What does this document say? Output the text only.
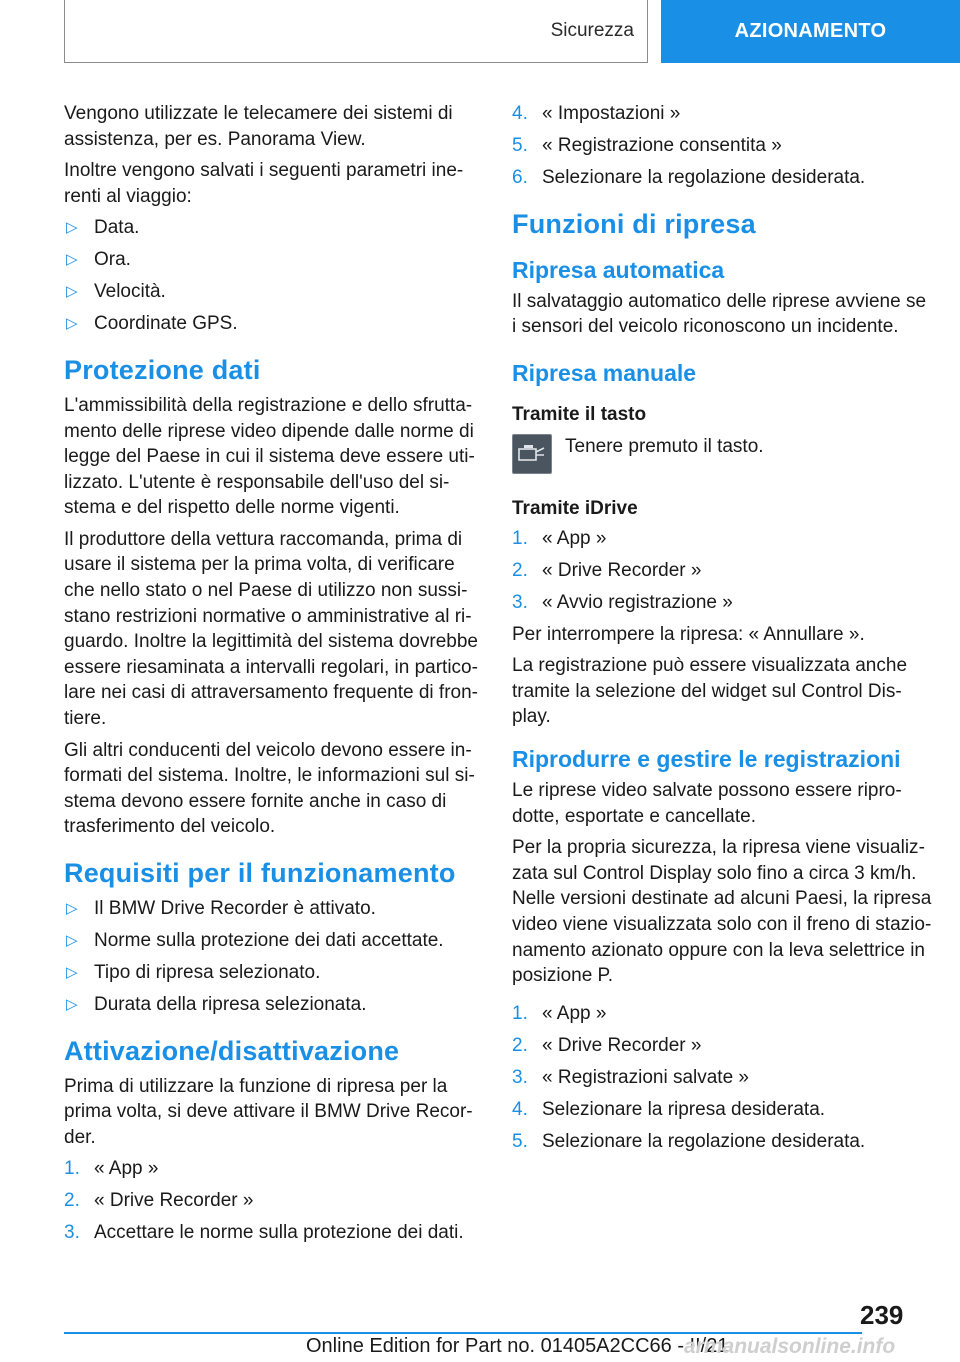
Sicurezza	AZIONAMENTO

Vengono utilizzate le telecamere dei sistemi di assistenza, per es. Panorama View.

Inoltre vengono salvati i seguenti parametri inerenti al viaggio:

▷ Data.
▷ Ora.
▷ Velocità.
▷ Coordinate GPS.
Protezione dati

L'ammissibilità della registrazione e dello sfruttamento delle riprese video dipende dalle norme di legge del Paese in cui il sistema deve essere utilizzato. L'utente è responsabile dell'uso del sistema e del rispetto delle norme vigenti.

Il produttore della vettura raccomanda, prima di usare il sistema per la prima volta, di verificare che nello stato o nel Paese di utilizzo non sussistano restrizioni normative o amministrative al riguardo. Inoltre la legittimità del sistema dovrebbe essere riesaminata a intervalli regolari, in particolare nei casi di attraversamento frequente di frontiere.

Gli altri conducenti del veicolo devono essere informati del sistema. Inoltre, le informazioni sul sistema devono essere fornite anche in caso di trasferimento del veicolo.

Requisiti per il funzionamento
▷ Il BMW Drive Recorder è attivato.
▷ Norme sulla protezione dei dati accettate.
▷ Tipo di ripresa selezionato.
▷ Durata della ripresa selezionata.
Attivazione/disattivazione

Prima di utilizzare la funzione di ripresa per la prima volta, si deve attivare il BMW Drive Recorder.

1. « App »
2. « Drive Recorder »
3. Accettare le norme sulla protezione dei dati.
4. « Impostazioni »
5. « Registrazione consentita »
6. Selezionare la regolazione desiderata.
Funzioni di ripresa
Ripresa automatica

Il salvataggio automatico delle riprese avviene se i sensori del veicolo riconoscono un incidente.

Ripresa manuale
Tramite il tasto
Tenere premuto il tasto.
Tramite iDrive
1. « App »
2. « Drive Recorder »
3. « Avvio registrazione »

Per interrompere la ripresa: « Annullare ».

La registrazione può essere visualizzata anche tramite la selezione del widget sul Control Display.

Riprodurre e gestire le registrazioni

Le riprese video salvate possono essere riprodotte, esportate e cancellate.

Per la propria sicurezza, la ripresa viene visualizzata sul Control Display solo fino a circa 3 km/h. Nelle versioni destinate ad alcuni Paesi, la ripresa video viene visualizzata solo con il freno di stazionamento azionato oppure con la leva selettrice in posizione P.

1. « App »
2. « Drive Recorder »
3. « Registrazioni salvate »
4. Selezionare la ripresa desiderata.
5. Selezionare la regolazione desiderata.
239
Online Edition for Part no. 01405A2CC66 - II/21
armanualsonline.info
